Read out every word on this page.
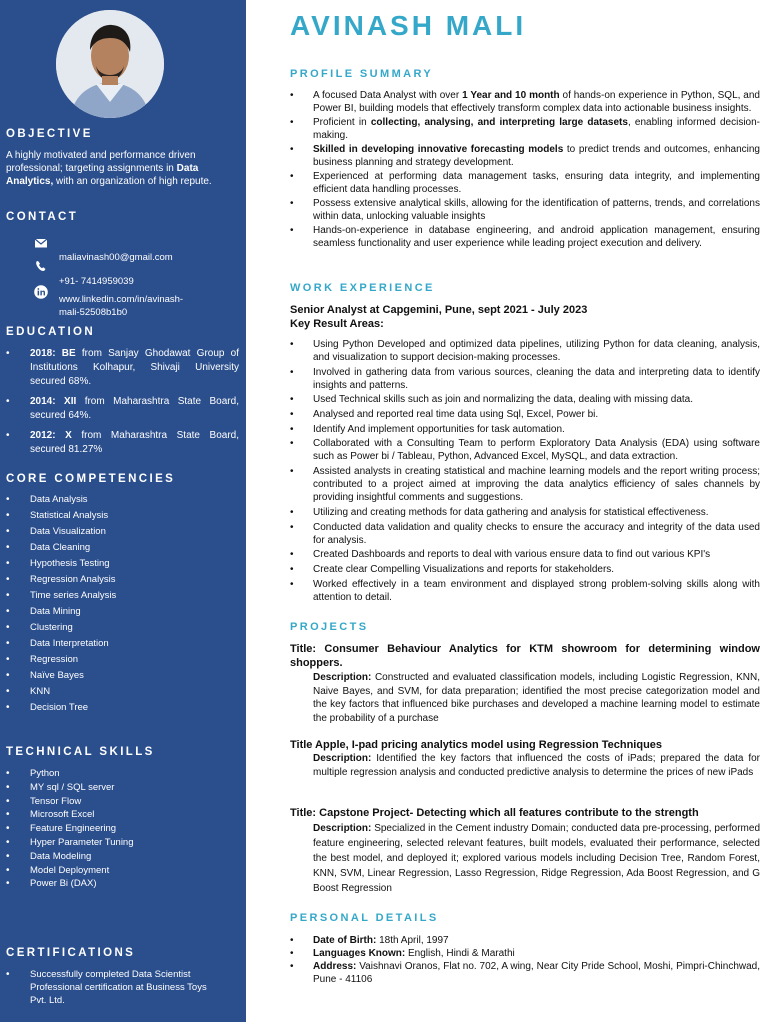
OBJECTIVE
A highly motivated and performance driven professional; targeting assignments in Data Analytics, with an organization of high repute.
CONTACT
maliavinash00@gmail.com
+91- 7414959039
www.linkedin.com/in/avinash-
mali-52508b1b0
EDUCATION
• 2018: BE from Sanjay Ghodawat Group of Institutions Kolhapur, Shivaji University secured 68%.
• 2014: XII from Maharashtra State Board, secured 64%.
• 2012: X from Maharashtra State Board, secured 81.27%
CORE COMPETENCIES
• Data Analysis
• Statistical Analysis
• Data Visualization
• Data Cleaning
• Hypothesis Testing
• Regression Analysis
• Time series Analysis
• Data Mining
• Clustering
• Data Interpretation
• Regression
• Naïve Bayes
• KNN
• Decision Tree
TECHNICAL SKILLS
• Python
• MY sql / SQL server
• Tensor Flow
• Microsoft Excel
• Feature Engineering
• Hyper Parameter Tuning
• Data Modeling
• Model Deployment
• Power Bi (DAX)
CERTIFICATIONS
• Successfully completed Data Scientist Professional certification at Business Toys Pvt. Ltd.
AVINASH MALI
PROFILE SUMMARY
• A focused Data Analyst with over 1 Year and 10 month of hands-on experience in Python, SQL, and Power BI, building models that effectively transform complex data into actionable business insights.
• Proficient in collecting, analysing, and interpreting large datasets, enabling informed decision-making.
• Skilled in developing innovative forecasting models to predict trends and outcomes, enhancing business planning and strategy development.
• Experienced at performing data management tasks, ensuring data integrity, and implementing efficient data handling processes.
• Possess extensive analytical skills, allowing for the identification of patterns, trends, and correlations within data, unlocking valuable insights
• Hands-on-experience in database engineering, and android application management, ensuring seamless functionality and user experience while leading project execution and delivery.
WORK EXPERIENCE
Senior Analyst at Capgemini, Pune, sept 2021 - July 2023
Key Result Areas:
• Using Python Developed and optimized data pipelines, utilizing Python for data cleaning, analysis, and visualization to support decision-making processes.
• Involved in gathering data from various sources, cleaning the data and interpreting data to identify insights and patterns.
• Used Technical skills such as join and normalizing the data, dealing with missing data.
• Analysed and reported real time data using Sql, Excel, Power bi.
• Identify And implement opportunities for task automation.
• Collaborated with a Consulting Team to perform Exploratory Data Analysis (EDA) using software such as Power bi / Tableau, Python, Advanced Excel, MySQL, and data extraction.
• Assisted analysts in creating statistical and machine learning models and the report writing process; contributed to a project aimed at improving the data analytics efficiency of sales channels by providing insightful comments and suggestions.
• Utilizing and creating methods for data gathering and analysis for statistical effectiveness.
• Conducted data validation and quality checks to ensure the accuracy and integrity of the data used for analysis.
• Created Dashboards and reports to deal with various ensure data to find out various KPI's
• Create clear Compelling Visualizations and reports for stakeholders.
• Worked effectively in a team environment and displayed strong problem-solving skills along with attention to detail.
PROJECTS
Title: Consumer Behaviour Analytics for KTM showroom for determining window shoppers.
Description: Constructed and evaluated classification models, including Logistic Regression, KNN, Naive Bayes, and SVM, for data preparation; identified the most precise categorization model and the key factors that influenced bike purchases and developed a machine learning model to estimate the probability of a purchase
Title Apple, I-pad pricing analytics model using Regression Techniques
Description: Identified the key factors that influenced the costs of iPads; prepared the data for multiple regression analysis and conducted predictive analysis to determine the prices of new iPads
Title: Capstone Project- Detecting which all features contribute to the strength
Description: Specialized in the Cement industry Domain; conducted data pre-processing, performed feature engineering, selected relevant features, built models, evaluated their performance, selected the best model, and deployed it; explored various models including Decision Tree, Random Forest, KNN, SVM, Linear Regression, Lasso Regression, Ridge Regression, Ada Boost Regression, and G Boost Regression
PERSONAL DETAILS
• Date of Birth: 18th April, 1997
• Languages Known: English, Hindi & Marathi
• Address: Vaishnavi Oranos, Flat no. 702, A wing, Near City Pride School, Moshi, Pimpri-Chinchwad, Pune - 41106
